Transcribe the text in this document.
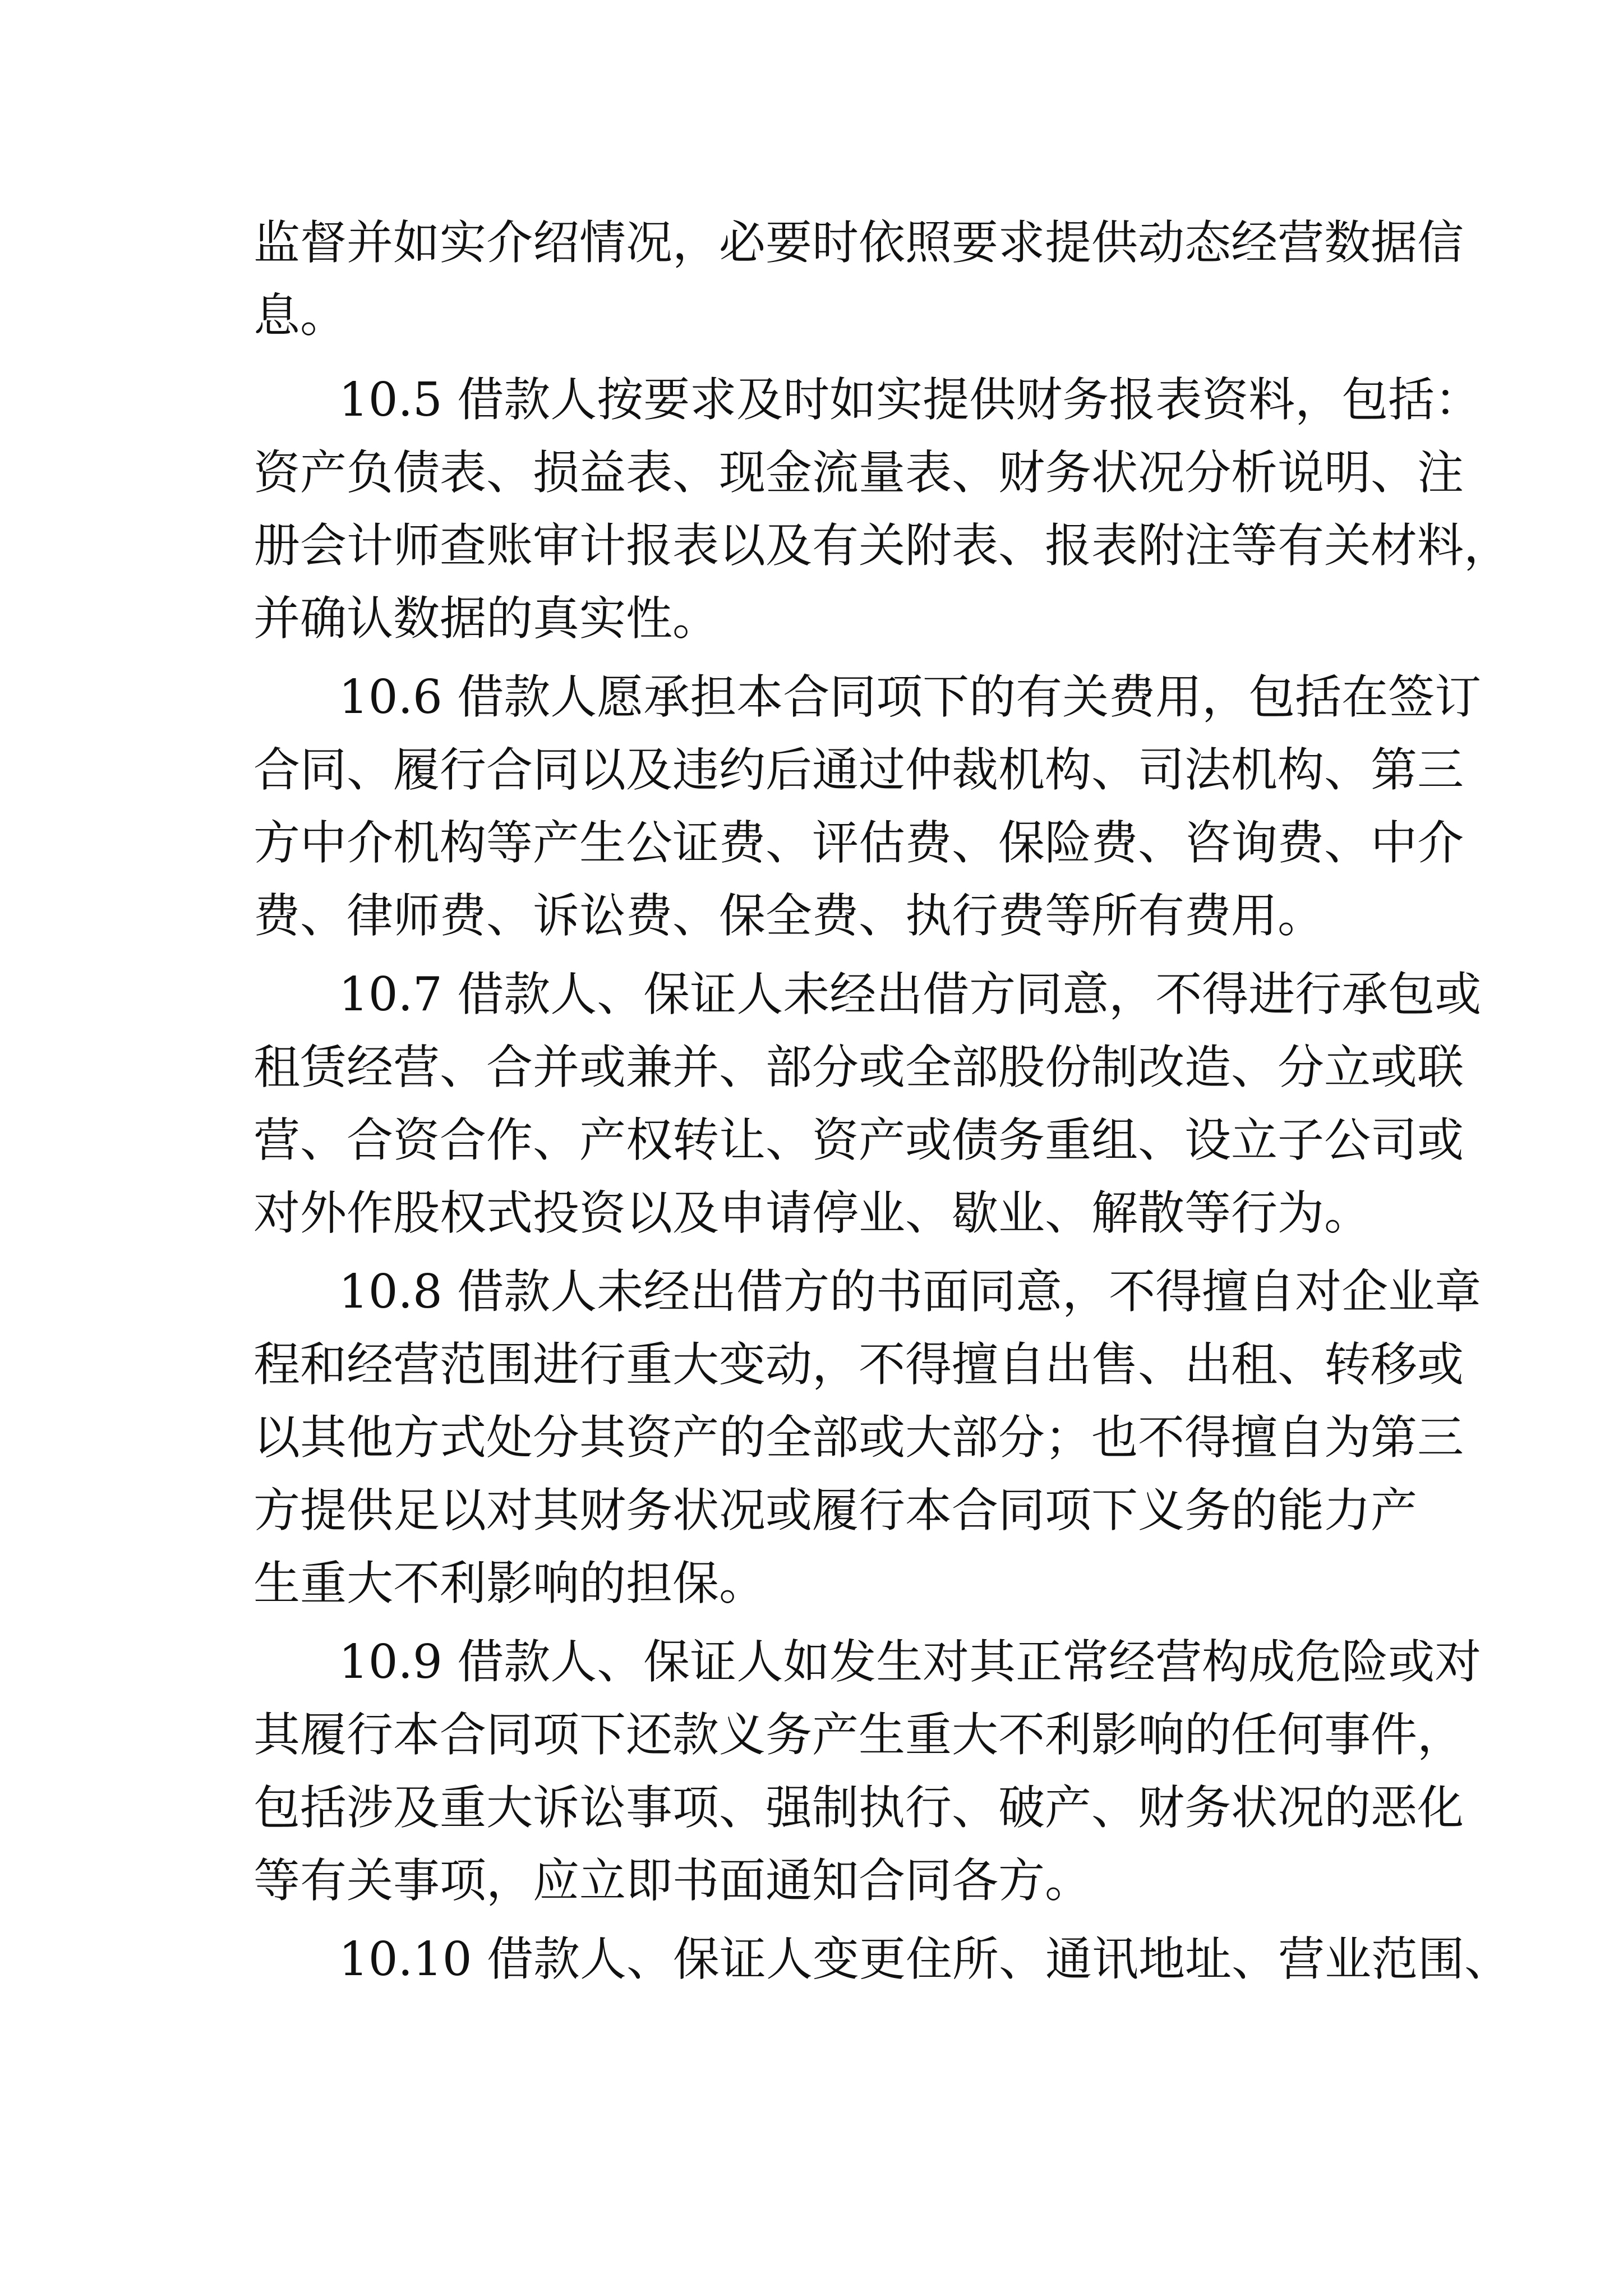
监督并如实介绍情况，必要时依照要求提供动态经营数据信
息。
10.5 借款人按要求及时如实提供财务报表资料，包括：
资产负债表、损益表、现金流量表、财务状况分析说明、注
册会计师查账审计报表以及有关附表、报表附注等有关材料，
并确认数据的真实性。
10.6 借款人愿承担本合同项下的有关费用，包括在签订
合同、履行合同以及违约后通过仲裁机构、司法机构、第三
方中介机构等产生公证费、评估费、保险费、咨询费、中介
费、律师费、诉讼费、保全费、执行费等所有费用。
10.7 借款人、保证人未经出借方同意，不得进行承包或
租赁经营、合并或兼并、部分或全部股份制改造、分立或联
营、合资合作、产权转让、资产或债务重组、设立子公司或
对外作股权式投资以及申请停业、歇业、解散等行为。
10.8 借款人未经出借方的书面同意，不得擅自对企业章
程和经营范围进行重大变动，不得擅自出售、出租、转移或
以其他方式处分其资产的全部或大部分；也不得擅自为第三
方提供足以对其财务状况或履行本合同项下义务的能力产
生重大不利影响的担保。
10.9 借款人、保证人如发生对其正常经营构成危险或对
其履行本合同项下还款义务产生重大不利影响的任何事件，
包括涉及重大诉讼事项、强制执行、破产、财务状况的恶化
等有关事项，应立即书面通知合同各方。
10.10 借款人、保证人变更住所、通讯地址、营业范围、
